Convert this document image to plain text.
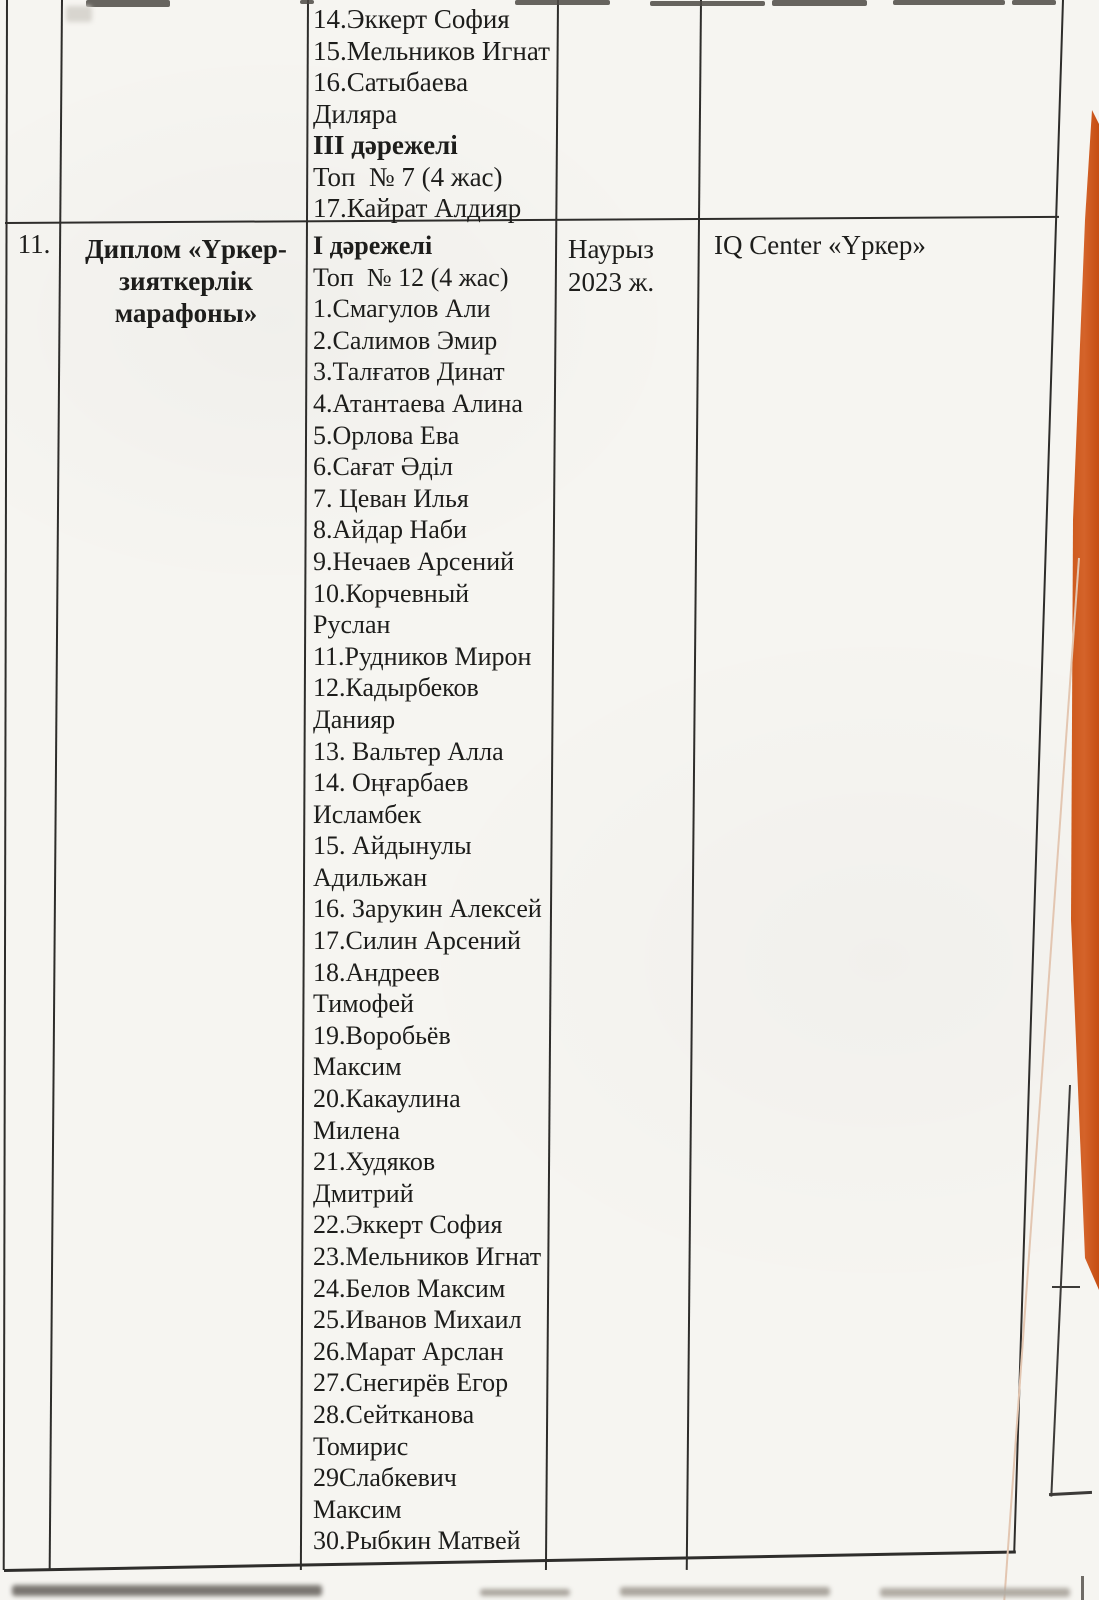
14.Эккерт София
15.Мельников Игнат
16.Сатыбаева
Диляра
III дәрежелі
Топ  № 7 (4 жас)
17.Кайрат Алдияр
11.	Диплом «Үркер-
зияткерлік
марафоны»
I дәрежелі
Топ  № 12 (4 жас)
1.Смагулов Али
2.Салимов Эмир
3.Талғатов Динат
4.Атантаева Алина
5.Орлова Ева
6.Сағат Әділ
7. Цеван Илья
8.Айдар Наби
9.Нечаев Арсений
10.Корчевный
Руслан
11.Рудников Мирон
12.Кадырбеков
Данияр
13. Вальтер Алла
14. Оңғарбаев
Исламбек
15. Айдынулы
Адильжан
16. Зарукин Алексей
17.Силин Арсений
18.Андреев
Тимофей
19.Воробьёв
Максим
20.Какаулина
Милена
21.Худяков
Дмитрий
22.Эккерт София
23.Мельников Игнат
24.Белов Максим
25.Иванов Михаил
26.Марат Арслан
27.Снегирёв Егор
28.Сейтканова
Томирис
29Слабкевич
Максим
30.Рыбкин Матвей
Наурыз
2023 ж.
IQ Center «Үркер»
